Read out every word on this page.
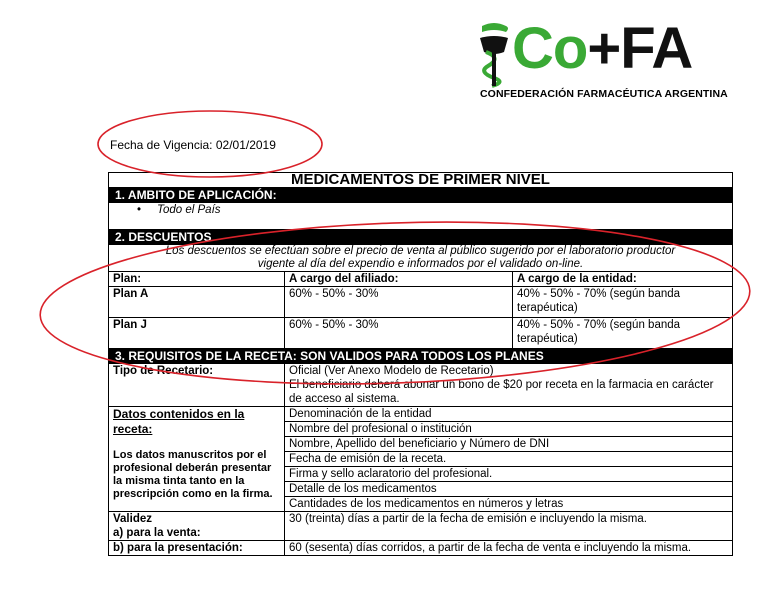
Co+FA
CONFEDERACIÓN FARMACÉUTICA ARGENTINA
Fecha de Vigencia: 02/01/2019
MEDICAMENTOS DE PRIMER NIVEL		
1. AMBITO DE APLICACIÓN:		
• Todo el País		

2. DESCUENTOS		

Los descuentos se efectúan sobre el precio de venta al público sugerido por el laboratorio productor
vigente al día del expendio e informados por el validado on-line.		

Plan:	A cargo del afiliado:	A cargo de la entidad:
Plan A	60% - 50% - 30%	40% - 50% - 70% (según banda terapéutica)
Plan J	60% - 50% - 30%	40% - 50% - 70% (según banda terapéutica)
3. REQUISITOS DE LA RECETA: SON VALIDOS PARA TODOS LOS PLANES		
Tipo de Recetario:	Oficial (Ver Anexo Modelo de Recetario)
El beneficiario deberá abonar un bono de $20 por receta en la farmacia en carácter de acceso al sistema.	

Datos contenidos en la receta:
Los datos manuscritos por el profesional deberán presentar la misma tinta tanto en la prescripción como en la firma.	Denominación de la entidad	
	Nombre del profesional o institución	
	Nombre, Apellido del beneficiario y Número de DNI	
	Fecha de emisión de la receta.	
	Firma y sello aclaratorio del profesional.	
	Detalle de los medicamentos	
	Cantidades de los medicamentos en números y letras	

Validez
a) para la venta:	30 (treinta) días a partir de la fecha de emisión e incluyendo la misma.	
b) para la presentación:	60 (sesenta) días corridos, a partir de la fecha de venta e incluyendo la misma.	
